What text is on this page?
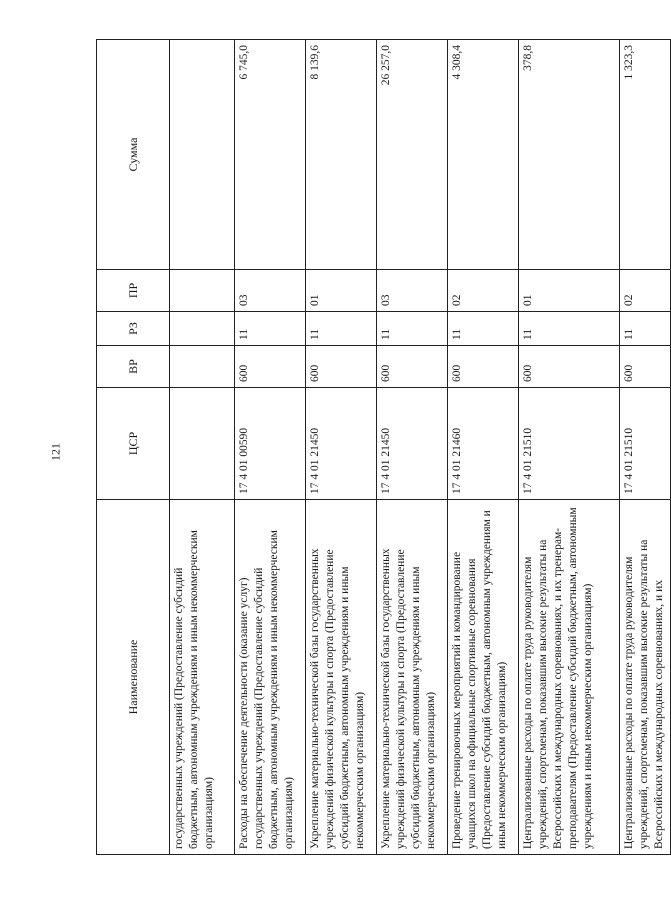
121
Наименование	ЦСР	ВР	РЗ	ПР	Сумма
государственных учреждений (Предоставление субсидий бюджетным, автономным учреждениям и иным некоммерческим организациям)					
Расходы на обеспечение деятельности (оказание услуг) государственных учреждений (Предоставление субсидий бюджетным, автономным учреждениям и иным некоммерческим организациям)	17 4 01 00590	600	11	03	6 745,0
Укрепление материально-технической базы государственных учреждений физической культуры и спорта (Предоставление субсидий бюджетным, автономным учреждениям и иным некоммерческим организациям)	17 4 01 21450	600	11	01	8 139,6
Укрепление материально-технической базы государственных учреждений физической культуры и спорта (Предоставление субсидий бюджетным, автономным учреждениям и иным некоммерческим организациям)	17 4 01 21450	600	11	03	26 257,0
Проведение тренировочных мероприятий и командирование учащихся школ на официальные спортивные соревнования (Предоставление субсидий бюджетным, автономным учреждениям и иным некоммерческим организациям)	17 4 01 21460	600	11	02	4 308,4
Централизованные расходы по оплате труда руководителям учреждений, спортсменам, показавшим высокие результаты на Всероссийских и международных соревнованиях, и их тренерам-преподавателям (Предоставление субсидий бюджетным, автономным учреждениям и иным некоммерческим организациям)	17 4 01 21510	600	11	01	378,8
Централизованные расходы по оплате труда руководителям учреждений, спортсменам, показавшим высокие результаты на Всероссийских и международных соревнованиях, и их	17 4 01 21510	600	11	02	1 323,3
